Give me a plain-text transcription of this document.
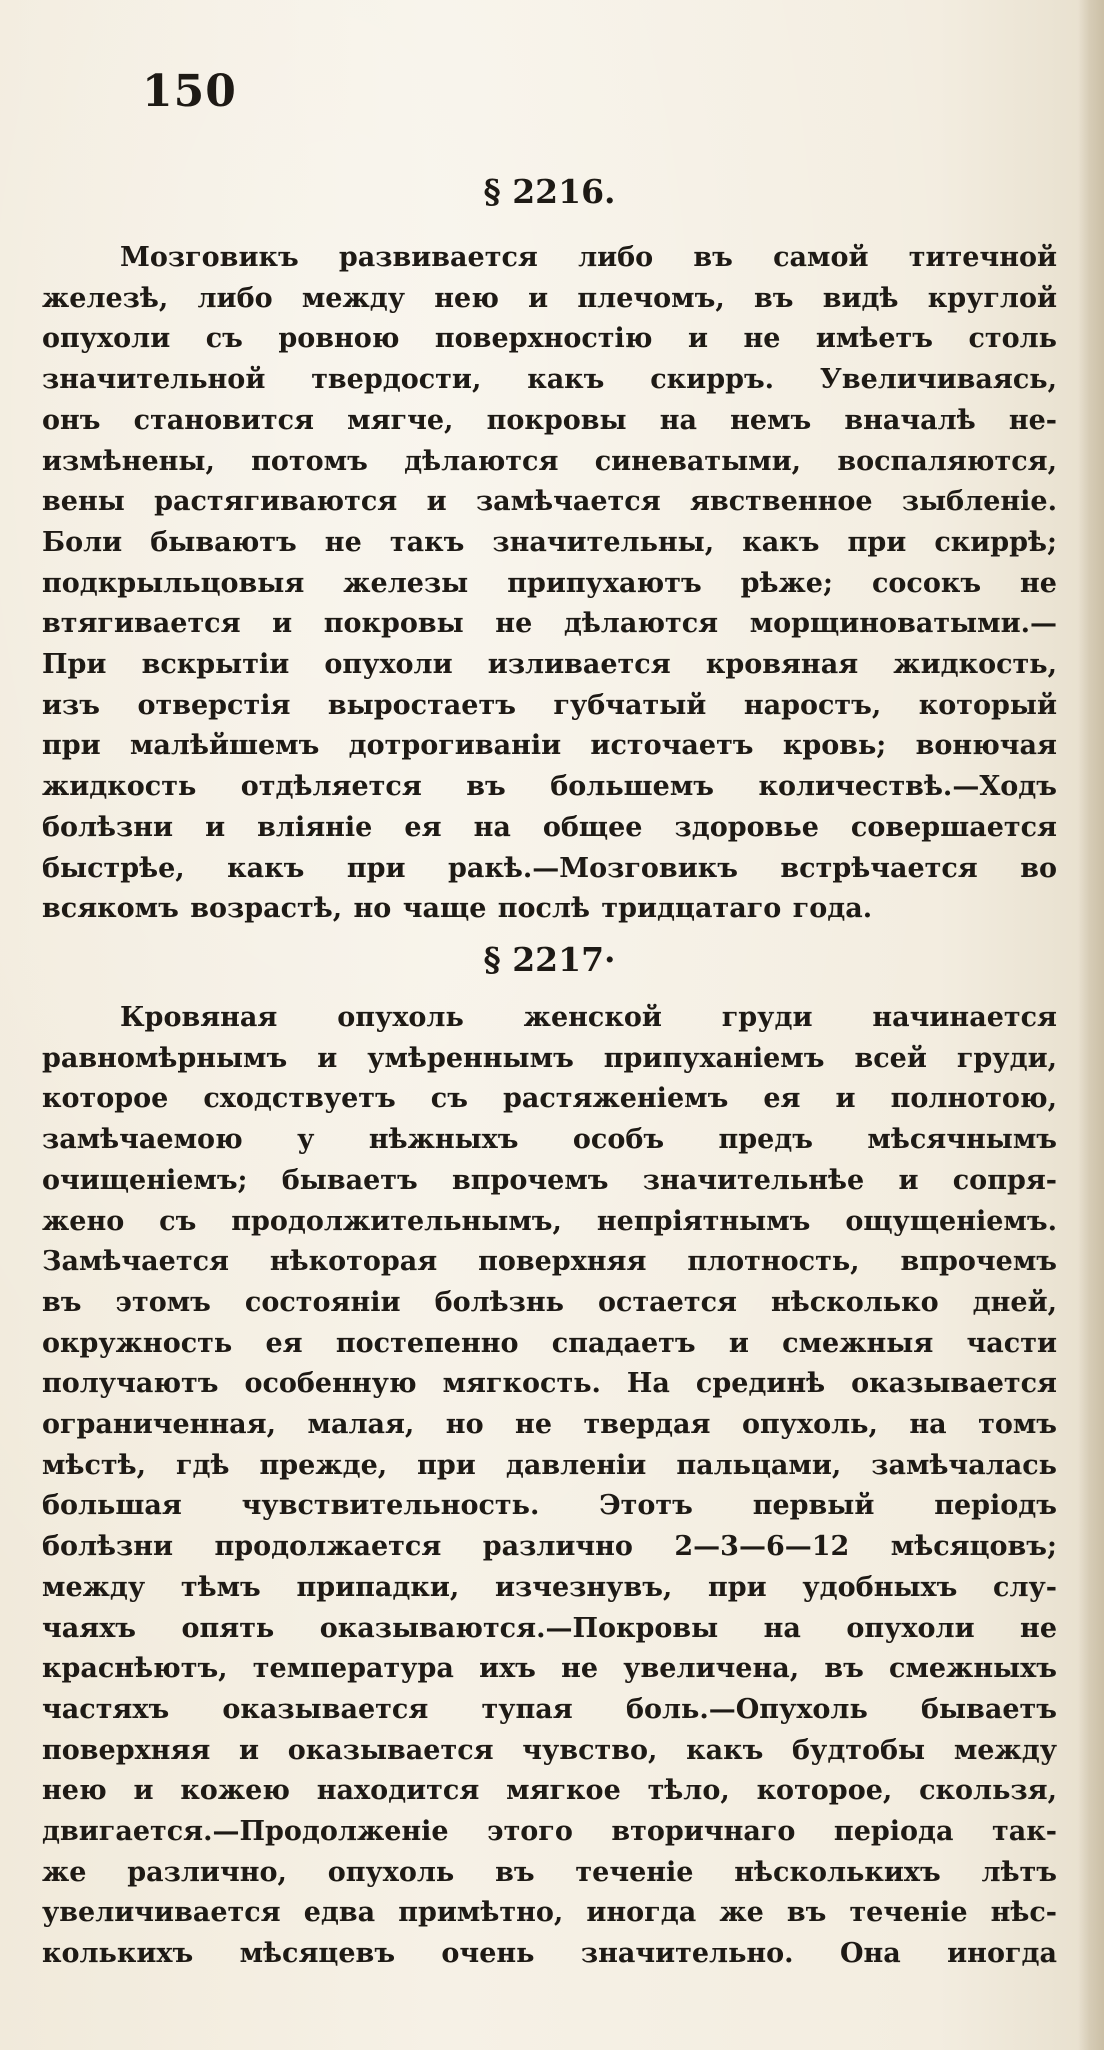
150
§ 2216.

Мозговикъ развивается либо въ самой титечной
железѣ, либо между нею и плечомъ, въ видѣ круглой
опухоли съ ровною поверхностію и не имѣетъ столь
значительной твердости, какъ скирръ. Увеличиваясь,
онъ становится мягче, покровы на немъ вначалѣ не-
измѣнены, потомъ дѣлаются синеватыми, воспаляются,
вены растягиваются и замѣчается явственное зыбленіе.
Боли бываютъ не такъ значительны, какъ при скиррѣ;
подкрыльцовыя железы припухаютъ рѣже; сосокъ не
втягивается и покровы не дѣлаются морщиноватыми.—
При вскрытіи опухоли изливается кровяная жидкость,
изъ отверстія выростаетъ губчатый наростъ, который
при малѣйшемъ дотрогиваніи источаетъ кровь; вонючая
жидкость отдѣляется въ большемъ количествѣ.—Ходъ
болѣзни и вліяніе ея на общее здоровье совершается
быстрѣе, какъ при ракѣ.—Мозговикъ встрѣчается во
всякомъ возрастѣ, но чаще послѣ тридцатаго года.

§ 2217·

Кровяная опухоль женской груди начинается
равномѣрнымъ и умѣреннымъ припуханіемъ всей груди,
которое сходствуетъ съ растяженіемъ ея и полнотою,
замѣчаемою у нѣжныхъ особъ предъ мѣсячнымъ
очищеніемъ; бываетъ впрочемъ значительнѣе и сопря-
жено съ продолжительнымъ, непріятнымъ ощущеніемъ.
Замѣчается нѣкоторая поверхняя плотность, впрочемъ
въ этомъ состояніи болѣзнь остается нѣсколько дней,
окружность ея постепенно спадаетъ и смежныя части
получаютъ особенную мягкость. На срединѣ оказывается
ограниченная, малая, но не твердая опухоль, на томъ
мѣстѣ, гдѣ прежде, при давленіи пальцами, замѣчалась
большая чувствительность. Этотъ первый періодъ
болѣзни продолжается различно 2—3—6—12 мѣсяцовъ;
между тѣмъ припадки, изчезнувъ, при удобныхъ слу-
чаяхъ опять оказываются.—Покровы на опухоли не
краснѣютъ, температура ихъ не увеличена, въ смежныхъ
частяхъ оказывается тупая боль.—Опухоль бываетъ
поверхняя и оказывается чувство, какъ будтобы между
нею и кожею находится мягкое тѣло, которое, скользя,
двигается.—Продолженіе этого вторичнаго періода так-
же различно, опухоль въ теченіе нѣсколькихъ лѣтъ
увеличивается едва примѣтно, иногда же въ теченіе нѣс-
колькихъ мѣсяцевъ очень значительно. Она иногда
